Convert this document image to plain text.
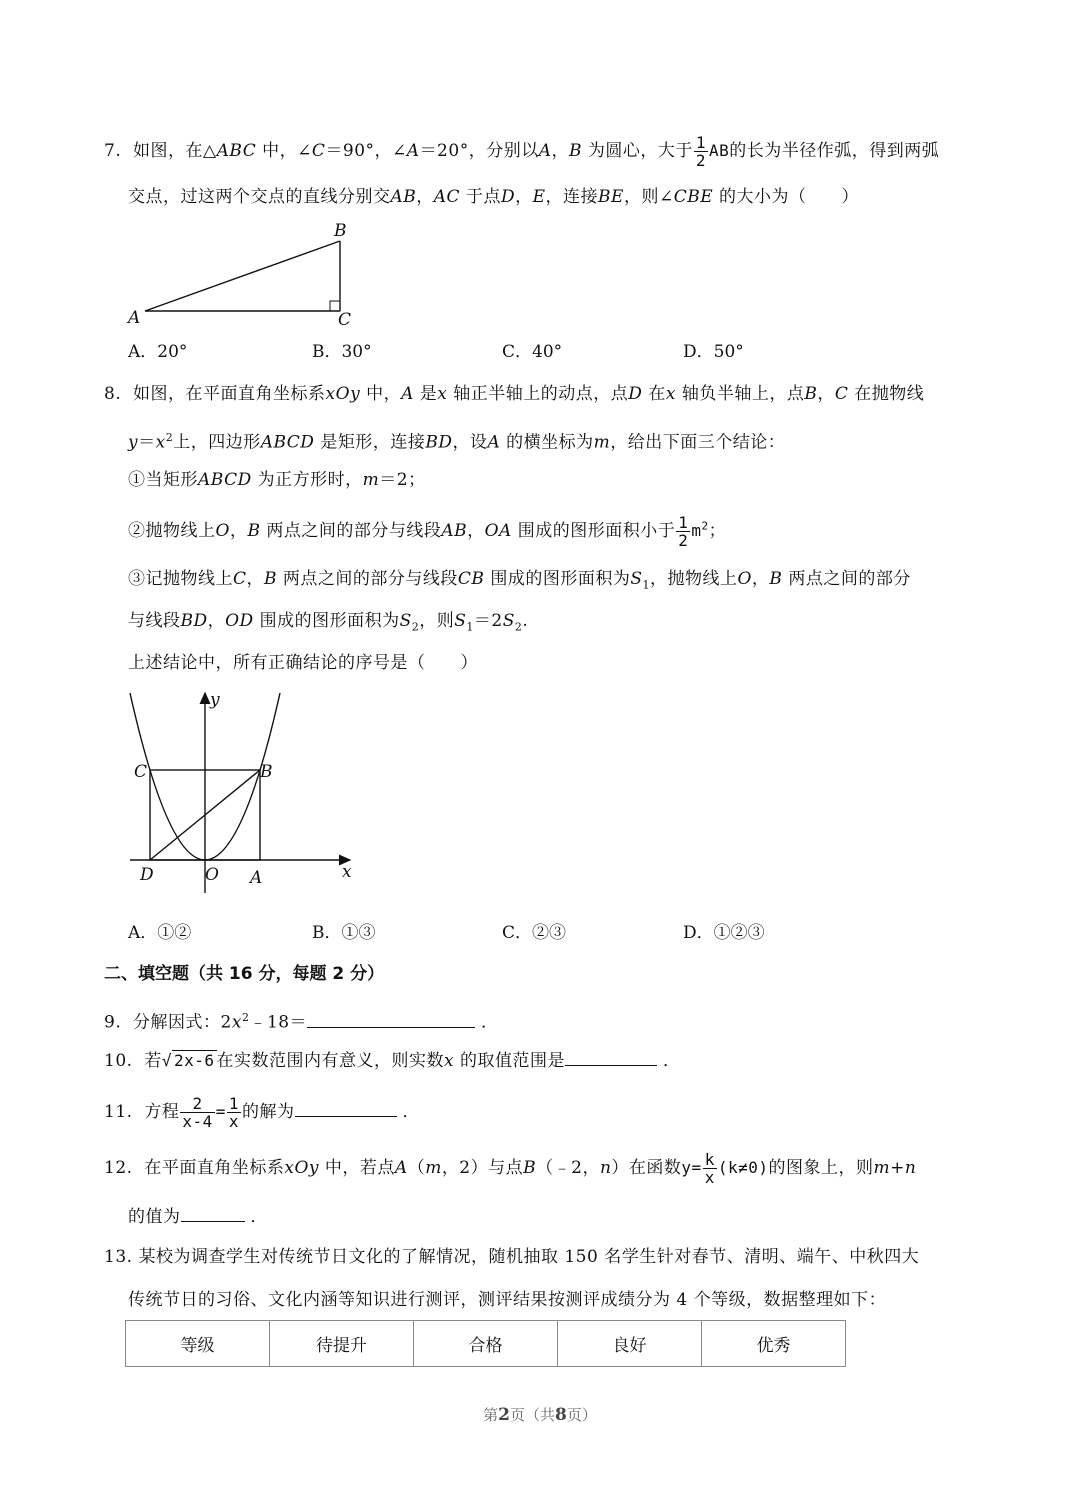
7. 如图，在△ABC 中，∠C＝90°，∠A＝20°，分别以A，B 为圆心，大于 $\frac{1}{2}$ AB的长为半径作弧，得到两弧
交点，过这两个交点的直线分别交AB，AC 于点D，E，连接BE，则∠CBE 的大小为（　　）
A
B
C
A．20°	B．30°	C．40°	D．50°
8. 如图，在平面直角坐标系xOy 中，A 是x 轴正半轴上的动点，点D 在x 轴负半轴上，点B，C 在抛物线
$y=x^2$上，四边形ABCD 是矩形，连接BD，设A 的横坐标为m，给出下面三个结论：
①当矩形ABCD 为正方形时，m＝2；
②抛物线上O，B 两点之间的部分与线段AB，OA 围成的图形面积小于 $\frac{1}{2} m^2$；
③记抛物线上C，B 两点之间的部分与线段CB 围成的图形面积为$S_1$，抛物线上O，B 两点之间的部分
与线段BD，OD 围成的图形面积为$S_2$，则$S_1=2S_2$.
上述结论中，所有正确结论的序号是（　　）
y
x
C	B
D	O A
A．①②	B．①③	C．②③	D．①②③
二、填空题（共 16 分，每题 2 分）
9. 分解因式：$2x^2﹣18=$	．
10. 若√ 2x-6 在实数范围内有意义，则实数x 的取值范围是	．
11. 方程 $\frac{2}{x-4} = \frac{1}{x}$ 的解为	．
12. 在平面直角坐标系xOy 中，若点A（m，2）与点B（﹣2，n）在函数$y= \frac{k}{x} (k\ne 0)$的图象上，则m+n
的值为	．
13. 某校为调查学生对传统节日文化的了解情况，随机抽取 150 名学生针对春节、清明、端午、中秋四大
传统节日的习俗、文化内涵等知识进行测评，测评结果按测评成绩分为 4 个等级，数据整理如下：
等级	待提升	合格	良好	优秀
第2页（共8页）
